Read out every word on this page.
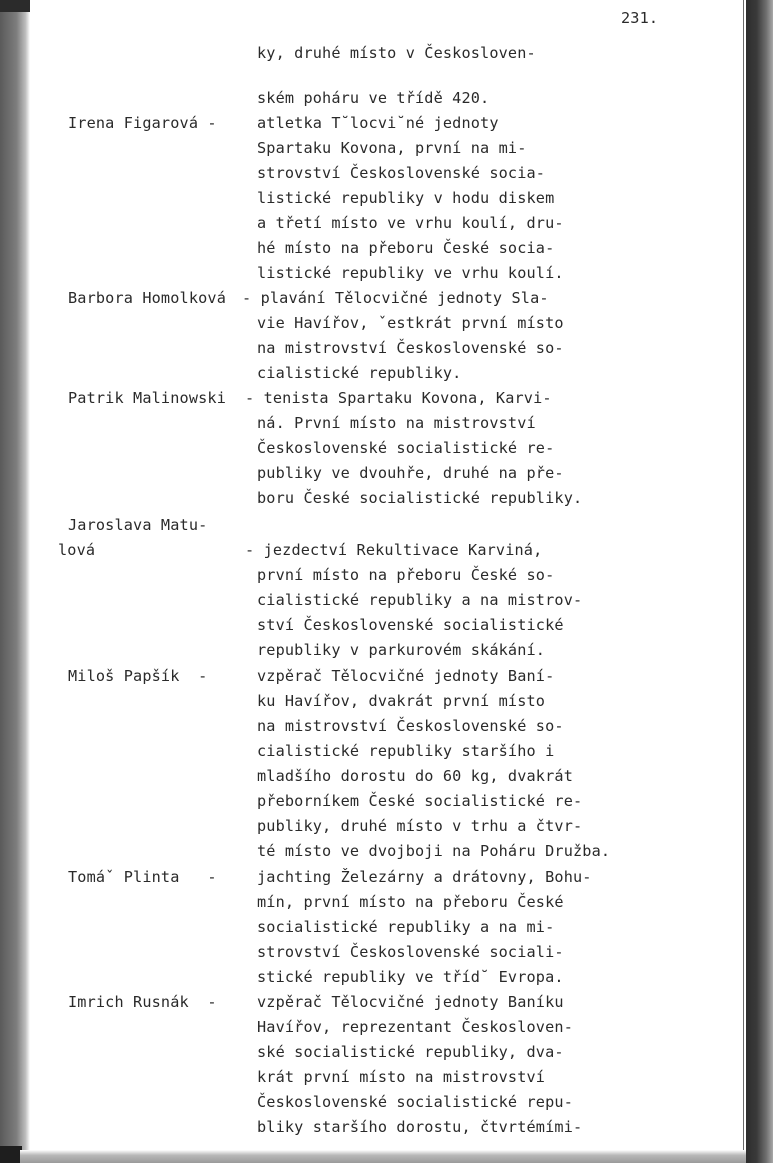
231.
ky, druhé místo v Českosloven-
ském poháru ve třídě 420.
Irena Figarová -	atletka T˘locvi˘né jednoty
Spartaku Kovona, první na mi-
strovství Československé socia-
listické republiky v hodu diskem
a třetí místo ve vrhu koulí, dru-
hé místo na přeboru České socia-
listické republiky ve vrhu koulí.
Barbora Homolková - plavání Tělocvičné jednoty Sla-
vie Havířov, ˇestkrát první místo
na mistrovství Československé so-
cialistické republiky.
Patrik Malinowski - tenista Spartaku Kovona, Karvi-
ná. První místo na mistrovství
Československé socialistické re-
publiky ve dvouhře, druhé na pře-
boru České socialistické republiky.
Jaroslava Matu-
lová	- jezdectví Rekultivace Karviná,
první místo na přeboru České so-
cialistické republiky a na mistrov-
ství Československé socialistické
republiky v parkurovém skákání.
Miloš Papšík  -	vzpěrač Tělocvičné jednoty Baní-
ku Havířov, dvakrát první místo
na mistrovství Československé so-
cialistické republiky staršího i
mladšího dorostu do 60 kg, dvakrát
přeborníkem České socialistické re-
publiky, druhé místo v trhu a čtvr-
té místo ve dvojboji na Poháru Družba.
Tomáˇ Plinta   -	jachting Železárny a drátovny, Bohu-
mín, první místo na přeboru České
socialistické republiky a na mi-
strovství Československé sociali-
stické republiky ve tříd˘ Evropa.
Imrich Rusnák  -	vzpěrač Tělocvičné jednoty Baníku
Havířov, reprezentant Českosloven-
ské socialistické republiky, dva-
krát první místo na mistrovství
Československé socialistické repu-
bliky staršího dorostu, čtvrtémími-
